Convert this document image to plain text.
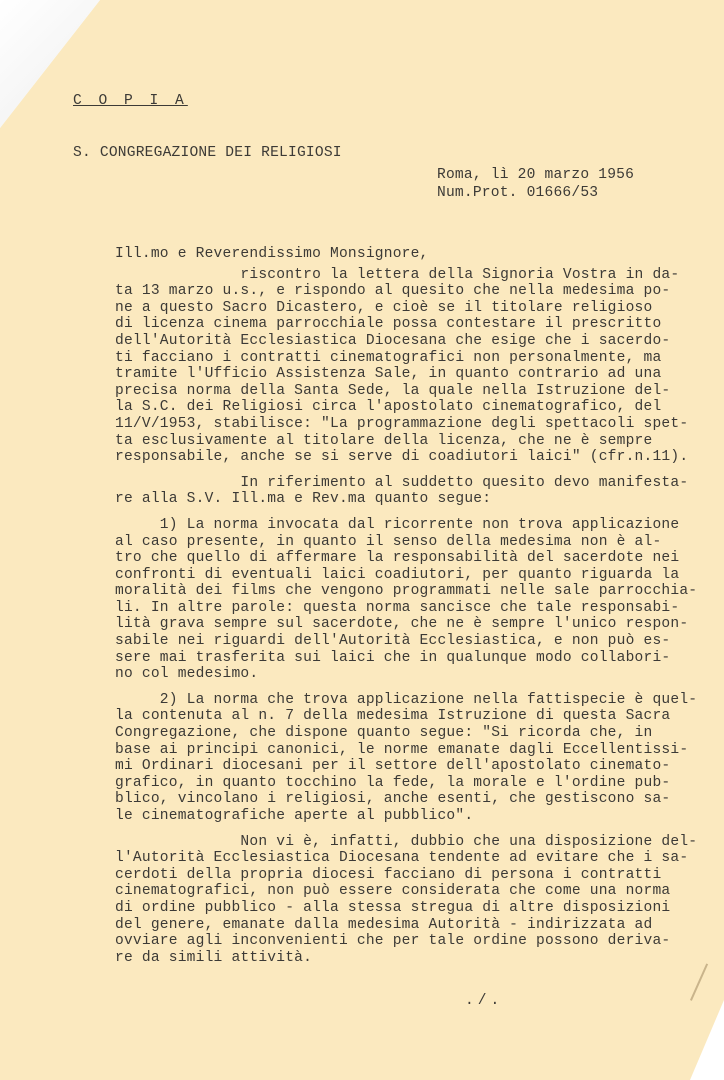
C O P I A
S. CONGREGAZIONE DEI RELIGIOSI
Roma, lì 20 marzo 1956
Num.Prot. 01666/53
Ill.mo e Reverendissimo Monsignore,
riscontro la lettera della Signoria Vostra in da-
ta 13 marzo u.s., e rispondo al quesito che nella medesima po-
ne a questo Sacro Dicastero, e cioè se il titolare religioso
di licenza cinema parrocchiale possa contestare il prescritto
dell'Autorità Ecclesiastica Diocesana che esige che i sacerdo-
ti facciano i contratti cinematografici non personalmente, ma
tramite l'Ufficio Assistenza Sale, in quanto contrario ad una
precisa norma della Santa Sede, la quale nella Istruzione del-
la S.C. dei Religiosi circa l'apostolato cinematografico, del
11/V/1953, stabilisce: "La programmazione degli spettacoli spet-
ta esclusivamente al titolare della licenza, che ne è sempre
responsabile, anche se si serve di coadiutori laici" (cfr.n.11).
In riferimento al suddetto quesito devo manifesta-
re alla S.V. Ill.ma e Rev.ma quanto segue:
1) La norma invocata dal ricorrente non trova applicazione
al caso presente, in quanto il senso della medesima non è al-
tro che quello di affermare la responsabilità del sacerdote nei
confronti di eventuali laici coadiutori, per quanto riguarda la
moralità dei films che vengono programmati nelle sale parrocchia-
li. In altre parole: questa norma sancisce che tale responsabi-
lità grava sempre sul sacerdote, che ne è sempre l'unico respon-
sabile nei riguardi dell'Autorità Ecclesiastica, e non può es-
sere mai trasferita sui laici che in qualunque modo collabori-
no col medesimo.
2) La norma che trova applicazione nella fattispecie è quel-
la contenuta al n. 7 della medesima Istruzione di questa Sacra
Congregazione, che dispone quanto segue: "Si ricorda che, in
base ai principi canonici, le norme emanate dagli Eccellentissi-
mi Ordinari diocesani per il settore dell'apostolato cinemato-
grafico, in quanto tocchino la fede, la morale e l'ordine pub-
blico, vincolano i religiosi, anche esenti, che gestiscono sa-
le cinematografiche aperte al pubblico".
Non vi è, infatti, dubbio che una disposizione del-
l'Autorità Ecclesiastica Diocesana tendente ad evitare che i sa-
cerdoti della propria diocesi facciano di persona i contratti
cinematografici, non può essere considerata che come una norma
di ordine pubblico - alla stessa stregua di altre disposizioni
del genere, emanate dalla medesima Autorità - indirizzata ad
ovviare agli inconvenienti che per tale ordine possono deriva-
re da simili attività.
./.
